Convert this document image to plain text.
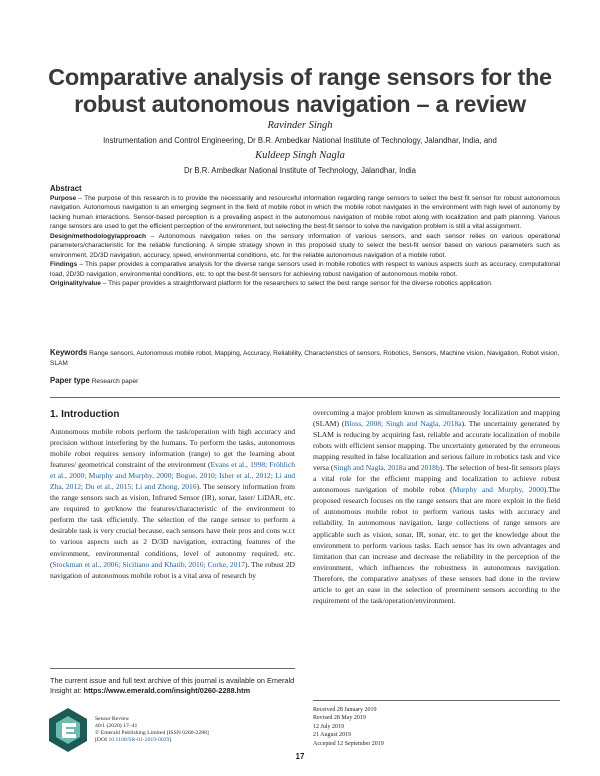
Comparative analysis of range sensors for the robust autonomous navigation – a review
Ravinder Singh
Instrumentation and Control Engineering, Dr B.R. Ambedkar National Institute of Technology, Jalandhar, India, and
Kuldeep Singh Nagla
Dr B.R. Ambedkar National Institute of Technology, Jalandhar, India
Abstract

Purpose – The purpose of this research is to provide the necessarily and resourceful information regarding range sensors to select the best fit sensor for robust autonomous navigation. Autonomous navigation is an emerging segment in the field of mobile robot in which the mobile robot navigates in the environment with high level of autonomy by lacking human interactions. Sensor-based perception is a prevailing aspect in the autonomous navigation of mobile robot along with localization and path planning. Various range sensors are used to get the efficient perception of the environment, but selecting the best-fit sensor to solve the navigation problem is still a vital assignment.

Design/methodology/approach – Autonomous navigation relies on the sensory information of various sensors, and each sensor relies on various operational parameters/characteristic for the reliable functioning. A simple strategy shown in this proposed study to select the best-fit sensor based on various parameters such as environment, 2D/3D navigation, accuracy, speed, environmental conditions, etc. for the reliable autonomous navigation of a mobile robot.

Findings – This paper provides a comparative analysis for the diverse range sensors used in mobile robotics with respect to various aspects such as accuracy, computational load, 2D/3D navigation, environmental conditions, etc. to opt the best-fit sensors for achieving robust navigation of autonomous mobile robot.

Originality/value – This paper provides a straightforward platform for the researchers to select the best range sensor for the diverse robotics application.

Keywords Range sensors, Autonomous mobile robot, Mapping, Accuracy, Reliability, Characteristics of sensors, Robotics, Sensors, Machine vision, Navigation, Robot vision, SLAM
Paper type Research paper
1. Introduction

Autonomous mobile robots perform the task/operation with high accuracy and precision without interfering by the humans. To perform the tasks, autonomous mobile robot requires sensory information (range) to get the learning about features/ geometrical constraint of the environment (Evans et al., 1998; Fröhlich et al., 2000; Murphy and Murphy, 2000; Bogue, 2010; Isher et al., 2012; Li and Zha, 2012; Du et al., 2015; Li and Zhong, 2016). The sensory information from the range sensors such as vision, Infrared Sensor (IR), sonar, laser/ LiDAR, etc. are required to get/know the features/characteristic of the environment to perform the task efficiently. The selection of the range sensor to perform a desirable task is very crucial because, each sensors have their pros and cons w.r.t to various aspects such as 2 D/3D navigation, extracting features of the environment, environmental conditions, level of autonomy required, etc. (Stockman et al., 2006; Siciliano and Khatib, 2016; Corke, 2017). The robust 2D navigation of autonomous mobile robot is a vital area of research by

overcoming a major problem known as simultaneously localization and mapping (SLAM) (Bloss, 2008; Singh and Nagla, 2018a). The uncertainty generated by SLAM is reducing by acquiring fast, reliable and accurate localization of mobile robots with efficient sensor mapping. The uncertainty generated by the erroneous mapping resulted in false localization and serious failure in robotics task and vice versa (Singh and Nagla, 2018a and 2018b). The selection of best-fit sensors plays a vital role for the efficient mapping and localization to achieve robust autonomous navigation of mobile robot (Murphy and Murphy, 2000).The proposed research focuses on the range sensors that are more exploit in the field of autonomous mobile robot to perform various tasks with accuracy and reliability. In autonomous navigation, large collections of range sensors are applicable such as vision, sonar, IR, sonar, etc. to get the knowledge about the environment to perform various tasks. Each sensor has its own advantages and limitation that can increase and decrease the reliability in the perception of the environment, which influences the robustness in autonomous navigation. Therefore, the comparative analyses of these sensors had done in the review article to get an ease in the selection of preeminent sensors according to the requirement of the task/operation/environment.

The current issue and full text archive of this journal is available on Emerald Insight at: https://www.emerald.com/insight/0260-2288.htm
Sensor Review
40/1 (2020) 17–41
© Emerald Publishing Limited [ISSN 0260-2288]
[DOI 10.1108/SR-01-2019-0029]
Received 28 January 2019
Revised 28 May 2019
12 July 2019
21 August 2019
Accepted 12 September 2019
17
